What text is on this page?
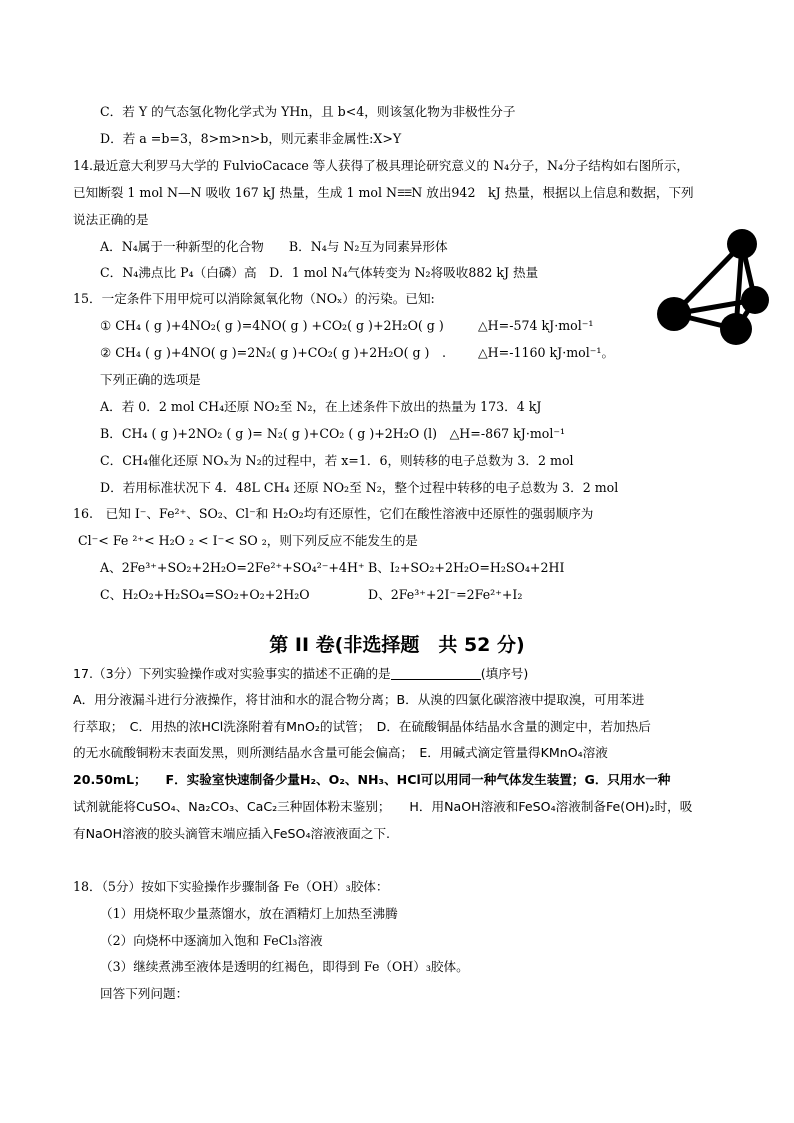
C．若 Y 的气态氢化物化学式为 YHn，且 b<4，则该氢化物为非极性分子
D．若 a =b=3，8>m>n>b，则元素非金属性:X>Y
14.最近意大利罗马大学的 FulvioCacace 等人获得了极具理论研究意义的 N₄分子，N₄分子结构如右图所示，
已知断裂 1 mol N—N 吸收 167 kJ 热量，生成 1 mol N☰☰N 放出942　kJ 热量，根据以上信息和数据，下列
说法正确的是
A．N₄属于一种新型的化合物　　B．N₄与 N₂互为同素异形体
C．N₄沸点比 P₄（白磷）高　D．1 mol N₄气体转变为 N₂将吸收882 kJ 热量
15．一定条件下用甲烷可以消除氮氧化物（NOₓ）的污染。已知:
① CH₄ ( g )+4NO₂( g )=4NO( g ) +CO₂( g )+2H₂O( g )	△H=-574 kJ·mol⁻¹
② CH₄ ( g )+4NO( g )=2N₂( g )+CO₂( g )+2H₂O( g )　.	△H=-1160 kJ·mol⁻¹。
下列正确的选项是
A．若 0．2 mol CH₄还原 NO₂至 N₂，在上述条件下放出的热量为 173．4 kJ
B．CH₄ ( g )+2NO₂ ( g )= N₂( g )+CO₂ ( g )+2H₂O (l)　△H=-867 kJ·mol⁻¹
C．CH₄催化还原 NOₓ为 N₂的过程中，若 x=1．6，则转移的电子总数为 3．2 mol
D．若用标准状况下 4．48L CH₄ 还原 NO₂至 N₂，整个过程中转移的电子总数为 3．2 mol
16.　已知 I⁻、Fe²⁺、SO₂、Cl⁻和 H₂O₂均有还原性，它们在酸性溶液中还原性的强弱顺序为
Cl⁻< Fe ²⁺< H₂O ₂ < I⁻< SO ₂，则下列反应不能发生的是
A、2Fe³⁺+SO₂+2H₂O=2Fe²⁺+SO₄²⁻+4H⁺ B、I₂+SO₂+2H₂O=H₂SO₄+2HI
C、H₂O₂+H₂SO₄=SO₂+O₂+2H₂O	D、2Fe³⁺+2I⁻=2Fe²⁺+I₂
第 II 卷(非选择题　共 52 分)
17.（3分）下列实验操作或对实验事实的描述不正确的是	(填序号)
A．用分液漏斗进行分液操作，将甘油和水的混合物分离；B．从溴的四氯化碳溶液中提取溴，可用苯进
行萃取；　C．用热的浓HCl洗涤附着有MnO₂的试管；　D．在硫酸铜晶体结晶水含量的测定中，若加热后
的无水硫酸铜粉末表面发黑，则所测结晶水含量可能会偏高；　E．用碱式滴定管量得KMnO₄溶液
20.50mL；　　F．实验室快速制备少量H₂、O₂、NH₃、HCl可以用同一种气体发生装置；G．只用水一种
试剂就能将CuSO₄、Na₂CO₃、CaC₂三种固体粉末鉴别；　　H．用NaOH溶液和FeSO₄溶液制备Fe(OH)₂时，吸
有NaOH溶液的胶头滴管末端应插入FeSO₄溶液液面之下.
18．（5分）按如下实验操作步骤制备 Fe（OH）₃胶体：
（1）用烧杯取少量蒸馏水，放在酒精灯上加热至沸腾
（2）向烧杯中逐滴加入饱和 FeCl₃溶液
（3）继续煮沸至液体是透明的红褐色，即得到 Fe（OH）₃胶体。
回答下列问题：
